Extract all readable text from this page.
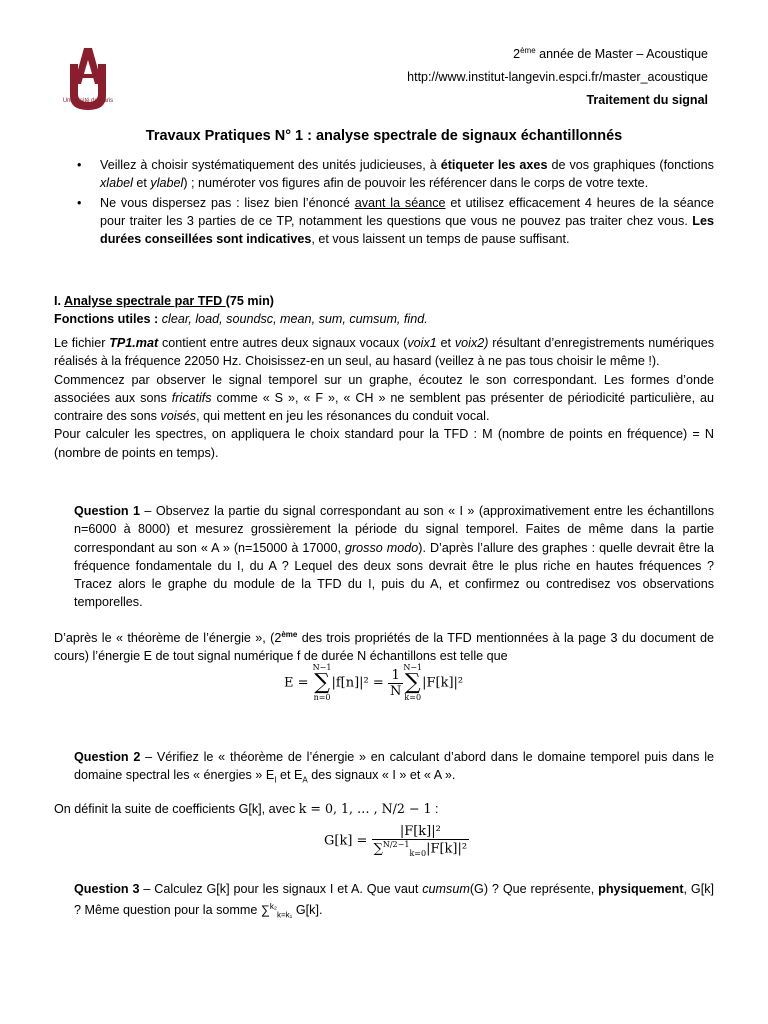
Université de Paris
2ème année de Master – Acoustique
http://www.institut-langevin.espci.fr/master_acoustique
Traitement du signal
Travaux Pratiques N° 1 : analyse spectrale de signaux échantillonnés
• Veillez à choisir systématiquement des unités judicieuses, à étiqueter les axes de vos graphiques (fonctions xlabel et ylabel) ; numéroter vos figures afin de pouvoir les référencer dans le corps de votre texte.
• Ne vous dispersez pas : lisez bien l’énoncé avant la séance et utilisez efficacement 4 heures de la séance pour traiter les 3 parties de ce TP, notamment les questions que vous ne pouvez pas traiter chez vous. Les durées conseillées sont indicatives, et vous laissent un temps de pause suffisant.
I. Analyse spectrale par TFD (75 min)
Fonctions utiles : clear, load, soundsc, mean, sum, cumsum, find.
Le fichier TP1.mat contient entre autres deux signaux vocaux (voix1 et voix2) résultant d’enregistrements numériques réalisés à la fréquence 22050 Hz. Choisissez-en un seul, au hasard (veillez à ne pas tous choisir le même !).
Commencez par observer le signal temporel sur un graphe, écoutez le son correspondant. Les formes d’onde associées aux sons fricatifs comme « S », « F », « CH » ne semblent pas présenter de périodicité particulière, au contraire des sons voisés, qui mettent en jeu les résonances du conduit vocal.
Pour calculer les spectres, on appliquera le choix standard pour la TFD : M (nombre de points en fréquence) = N (nombre de points en temps).
Question 1 – Observez la partie du signal correspondant au son « I » (approximativement entre les échantillons n=6000 à 8000) et mesurez grossièrement la période du signal temporel. Faites de même dans la partie correspondant au son « A » (n=15000 à 17000, grosso modo). D’après l’allure des graphes : quelle devrait être la fréquence fondamentale du I, du A ? Lequel des deux sons devrait être le plus riche en hautes fréquences ? Tracez alors le graphe du module de la TFD du I, puis du A, et confirmez ou contredisez vos observations temporelles.
D’après le « théorème de l’énergie », (2ème des trois propriétés de la TFD mentionnées à la page 3 du document de cours) l’énergie E de tout signal numérique f de durée N échantillons est telle que
E =
N−1
∑
n=0
$|f[n]|^2 = \frac{1}{N} N-1$
∑
k=0
|F[k]|²
Question 2 – Vérifiez le « théorème de l’énergie » en calculant d’abord dans le domaine temporel puis dans le domaine spectral les « énergies » $E_I$ et $E_A$ des signaux « I » et « A ».
On définit la suite de coefficients G[k], avec k = 0, 1, … , N/2 − 1 :
$G[k] = \frac{\text{|F[k]|²}}{\sum^{N/2-1}_{k=0}|F[k]|^2}$
Question 3 – Calculez G[k] pour les signaux I et A. Que vaut cumsum(G) ? Que représente, physiquement, G[k] ? Même question pour la somme ∑$^{k_2}_{k=k_1}$ G[k].
